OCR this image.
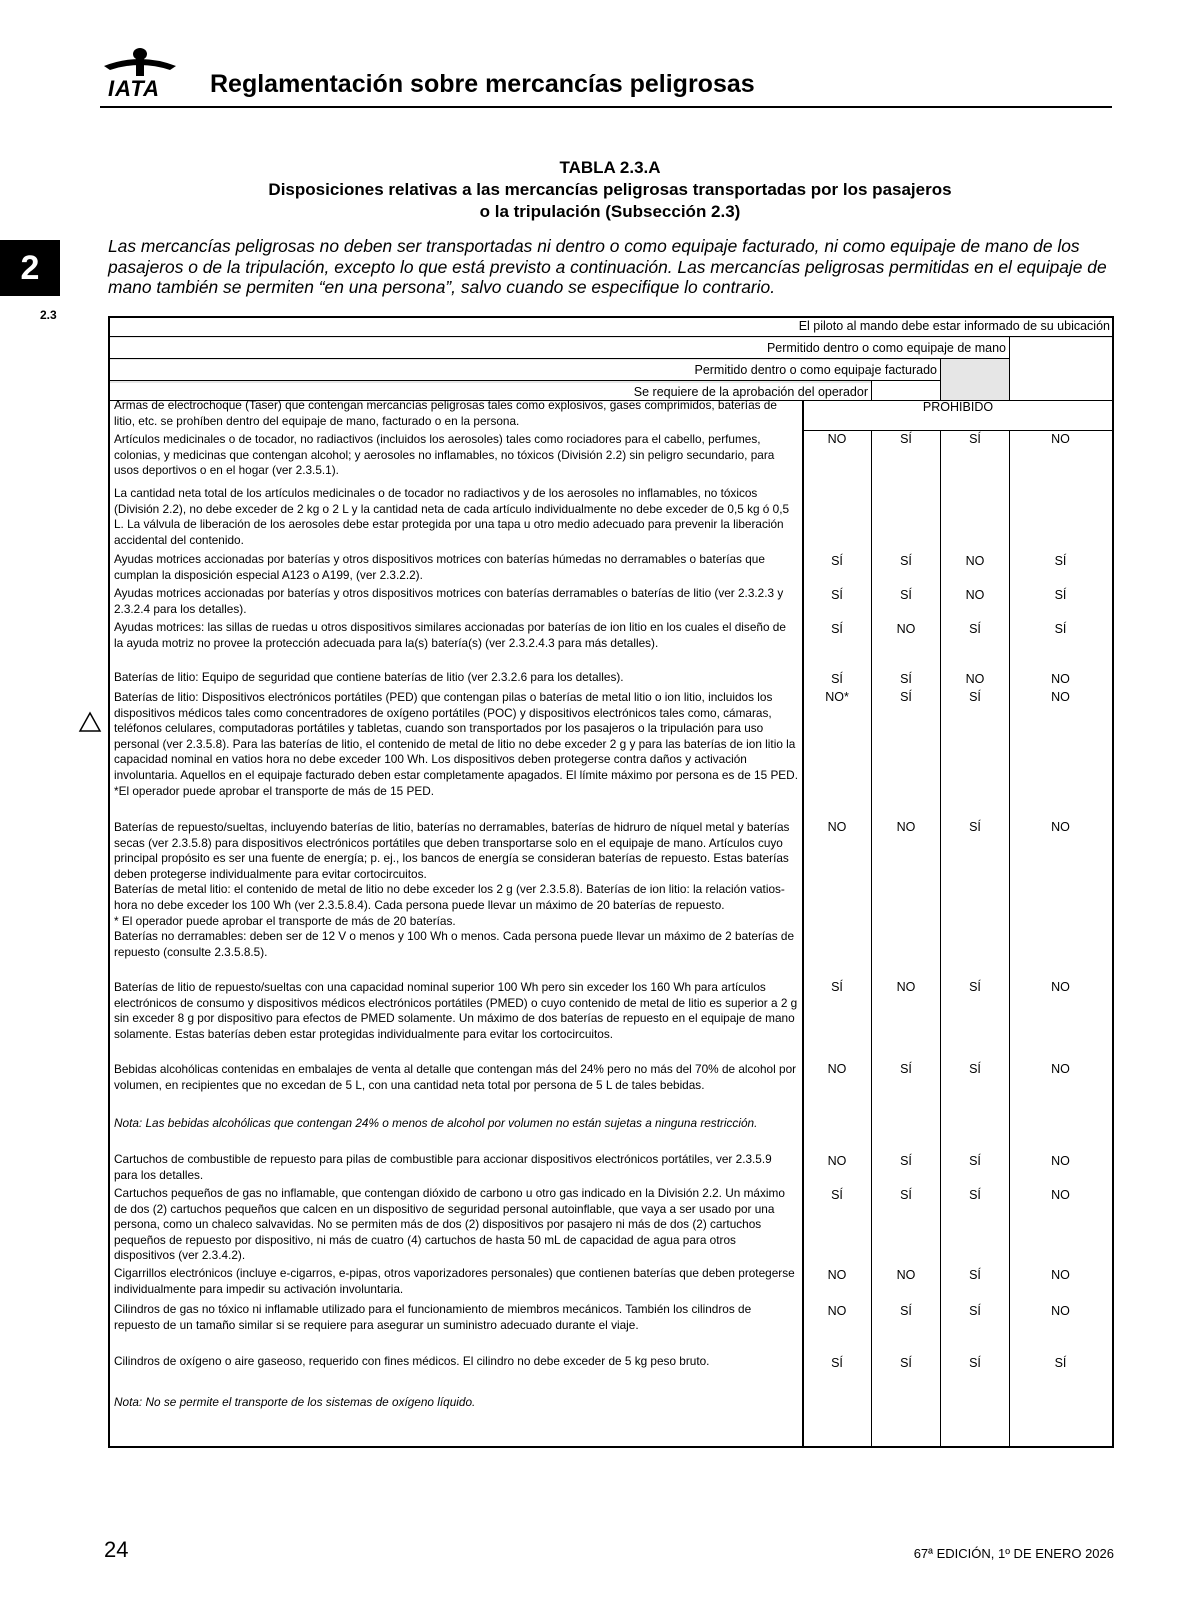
IATA Reglamentación sobre mercancías peligrosas
2
2.3
TABLA 2.3.A
Disposiciones relativas a las mercancías peligrosas transportadas por los pasajeros
o la tripulación (Subsección 2.3)
Las mercancías peligrosas no deben ser transportadas ni dentro o como equipaje facturado, ni como equipaje de mano de los pasajeros o de la tripulación, excepto lo que está previsto a continuación. Las mercancías peligrosas permitidas en el equipaje de mano también se permiten “en una persona”, salvo cuando se especifique lo contrario.
El piloto al mando debe estar informado de su ubicación
Permitido dentro o como equipaje de mano
Permitido dentro o como equipaje facturado
Se requiere de la aprobación del operador
Armas de electrochoque (Taser) que contengan mercancías peligrosas tales como explosivos, gases comprimidos, baterías de litio, etc. se prohíben dentro del equipaje de mano, facturado o en la persona.
PROHIBIDO
Artículos medicinales o de tocador, no radiactivos (incluidos los aerosoles) tales como rociadores para el cabello, perfumes, colonias, y medicinas que contengan alcohol; y aerosoles no inflamables, no tóxicos (División 2.2) sin peligro secundario, para usos deportivos o en el hogar (ver 2.3.5.1).
NO	SÍ	SÍ	NO
La cantidad neta total de los artículos medicinales o de tocador no radiactivos y de los aerosoles no inflamables, no tóxicos (División 2.2), no debe exceder de 2 kg o 2 L y la cantidad neta de cada artículo individualmente no debe exceder de 0,5 kg ó 0,5 L. La válvula de liberación de los aerosoles debe estar protegida por una tapa u otro medio adecuado para prevenir la liberación accidental del contenido.
Ayudas motrices accionadas por baterías y otros dispositivos motrices con baterías húmedas no derramables o baterías que cumplan la disposición especial A123 o A199, (ver 2.3.2.2).
SÍ	SÍ	NO	SÍ
Ayudas motrices accionadas por baterías y otros dispositivos motrices con baterías derramables o baterías de litio (ver 2.3.2.3 y 2.3.2.4 para los detalles).
SÍ	SÍ	NO	SÍ
Ayudas motrices: las sillas de ruedas u otros dispositivos similares accionadas por baterías de ion litio en los cuales el diseño de la ayuda motriz no provee la protección adecuada para la(s) batería(s) (ver 2.3.2.4.3 para más detalles).
SÍ	NO	SÍ	SÍ
Baterías de litio: Equipo de seguridad que contiene baterías de litio (ver 2.3.2.6 para los detalles).	SÍ	SÍ	NO	NO
Baterías de litio: Dispositivos electrónicos portátiles (PED) que contengan pilas o baterías de metal litio o ion litio, incluidos los dispositivos médicos tales como concentradores de oxígeno portátiles (POC) y dispositivos electrónicos tales como, cámaras, teléfonos celulares, computadoras portátiles y tabletas, cuando son transportados por los pasajeros o la tripulación para uso personal (ver 2.3.5.8). Para las baterías de litio, el contenido de metal de litio no debe exceder 2 g y para las baterías de ion litio la capacidad nominal en vatios hora no debe exceder 100 Wh. Los dispositivos deben protegerse contra daños y activación involuntaria. Aquellos en el equipaje facturado deben estar completamente apagados. El límite máximo por persona es de 15 PED.
*El operador puede aprobar el transporte de más de 15 PED.
NO*	SÍ	SÍ	NO
Baterías de repuesto/sueltas, incluyendo baterías de litio, baterías no derramables, baterías de hidruro de níquel metal y baterías secas (ver 2.3.5.8) para dispositivos electrónicos portátiles que deben transportarse solo en el equipaje de mano. Artículos cuyo principal propósito es ser una fuente de energía; p. ej., los bancos de energía se consideran baterías de repuesto. Estas baterías deben protegerse individualmente para evitar cortocircuitos.
Baterías de metal litio: el contenido de metal de litio no debe exceder los 2 g (ver 2.3.5.8). Baterías de ion litio: la relación vatios-hora no debe exceder los 100 Wh (ver 2.3.5.8.4). Cada persona puede llevar un máximo de 20 baterías de repuesto.
* El operador puede aprobar el transporte de más de 20 baterías.
Baterías no derramables: deben ser de 12 V o menos y 100 Wh o menos. Cada persona puede llevar un máximo de 2 baterías de repuesto (consulte 2.3.5.8.5).
NO	NO	SÍ	NO
Baterías de litio de repuesto/sueltas con una capacidad nominal superior 100 Wh pero sin exceder los 160 Wh para artículos electrónicos de consumo y dispositivos médicos electrónicos portátiles (PMED) o cuyo contenido de metal de litio es superior a 2 g sin exceder 8 g por dispositivo para efectos de PMED solamente. Un máximo de dos baterías de repuesto en el equipaje de mano solamente. Estas baterías deben estar protegidas individualmente para evitar los cortocircuitos.
SÍ	NO	SÍ	NO
Bebidas alcohólicas contenidas en embalajes de venta al detalle que contengan más del 24% pero no más del 70% de alcohol por volumen, en recipientes que no excedan de 5 L, con una cantidad neta total por persona de 5 L de tales bebidas.
NO	SÍ	SÍ	NO
Nota: Las bebidas alcohólicas que contengan 24% o menos de alcohol por volumen no están sujetas a ninguna restricción.
Cartuchos de combustible de repuesto para pilas de combustible para accionar dispositivos electrónicos portátiles, ver 2.3.5.9 para los detalles.
NO	SÍ	SÍ	NO
Cartuchos pequeños de gas no inflamable, que contengan dióxido de carbono u otro gas indicado en la División 2.2. Un máximo de dos (2) cartuchos pequeños que calcen en un dispositivo de seguridad personal autoinflable, que vaya a ser usado por una persona, como un chaleco salvavidas. No se permiten más de dos (2) dispositivos por pasajero ni más de dos (2) cartuchos pequeños de repuesto por dispositivo, ni más de cuatro (4) cartuchos de hasta 50 mL de capacidad de agua para otros dispositivos (ver 2.3.4.2).
SÍ	SÍ	SÍ	NO
Cigarrillos electrónicos (incluye e-cigarros, e-pipas, otros vaporizadores personales) que contienen baterías que deben protegerse individualmente para impedir su activación involuntaria.
NO	NO	SÍ	NO
Cilindros de gas no tóxico ni inflamable utilizado para el funcionamiento de miembros mecánicos. También los cilindros de repuesto de un tamaño similar si se requiere para asegurar un suministro adecuado durante el viaje.
NO	SÍ	SÍ	NO
Cilindros de oxígeno o aire gaseoso, requerido con fines médicos. El cilindro no debe exceder de 5 kg peso bruto.	SÍ	SÍ	SÍ	SÍ
Nota: No se permite el transporte de los sistemas de oxígeno líquido.
24	67ª EDICIÓN, 1º DE ENERO 2026
